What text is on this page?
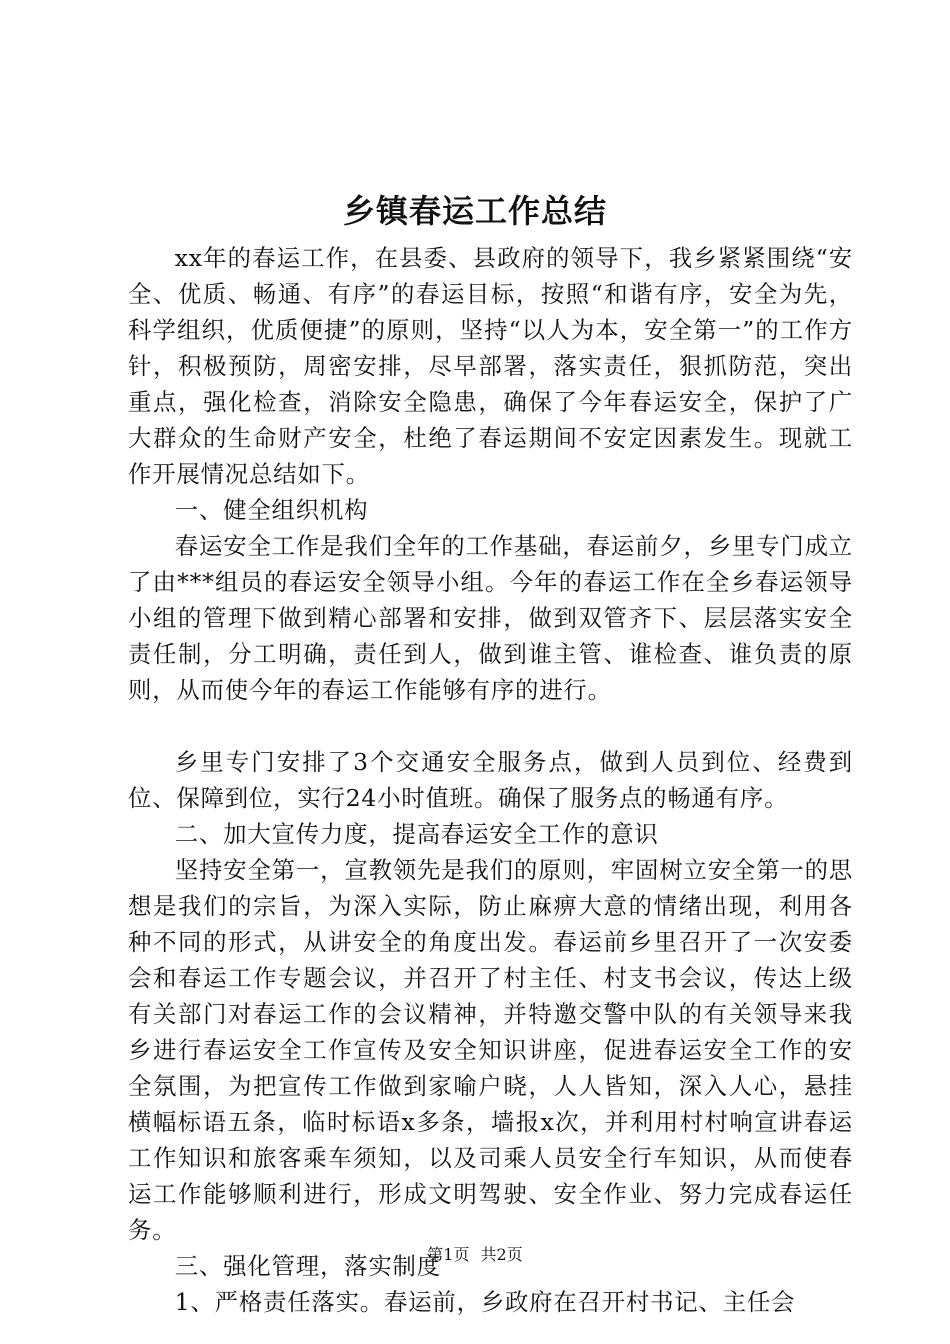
乡镇春运工作总结

xx年的春运工作，在县委、县政府的领导下，我乡紧紧围绕“安全、优质、畅通、有序”的春运目标，按照“和谐有序，安全为先，科学组织，优质便捷”的原则，坚持“以人为本，安全第一”的工作方针，积极预防，周密安排，尽早部署，落实责任，狠抓防范，突出重点，强化检查，消除安全隐患，确保了今年春运安全，保护了广大群众的生命财产安全，杜绝了春运期间不安定因素发生。现就工作开展情况总结如下。

一、健全组织机构

春运安全工作是我们全年的工作基础，春运前夕，乡里专门成立了由***组员的春运安全领导小组。今年的春运工作在全乡春运领导小组的管理下做到精心部署和安排，做到双管齐下、层层落实安全责任制，分工明确，责任到人，做到谁主管、谁检查、谁负责的原则，从而使今年的春运工作能够有序的进行。

乡里专门安排了3个交通安全服务点，做到人员到位、经费到位、保障到位，实行24小时值班。确保了服务点的畅通有序。

二、加大宣传力度，提高春运安全工作的意识

坚持安全第一，宣教领先是我们的原则，牢固树立安全第一的思想是我们的宗旨，为深入实际，防止麻痹大意的情绪出现，利用各种不同的形式，从讲安全的角度出发。春运前乡里召开了一次安委会和春运工作专题会议，并召开了村主任、村支书会议，传达上级有关部门对春运工作的会议精神，并特邀交警中队的有关领导来我乡进行春运安全工作宣传及安全知识讲座，促进春运安全工作的安全氛围，为把宣传工作做到家喻户晓，人人皆知，深入人心，悬挂横幅标语五条，临时标语x多条，墙报x次，并利用村村响宣讲春运工作知识和旅客乘车须知，以及司乘人员安全行车知识，从而使春运工作能够顺利进行，形成文明驾驶、安全作业、努力完成春运任务。

三、强化管理，落实制度

1、严格责任落实。春运前，乡政府在召开村书记、主任会

第1页 共2页
